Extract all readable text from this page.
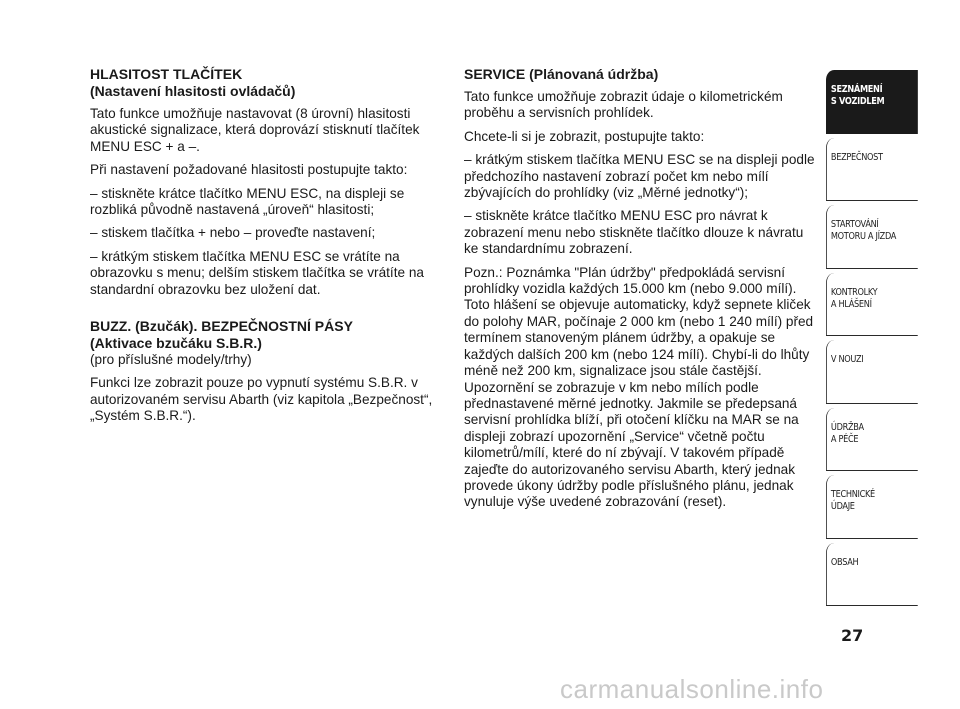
HLASITOST TLAČÍTEK
(Nastavení hlasitosti ovládačů)

Tato funkce umožňuje nastavovat (8 úrovní) hlasitosti akustické signalizace, která doprovází stisknutí tlačítek MENU ESC + a –.

Při nastavení požadované hlasitosti postupujte takto:

– stiskněte krátce tlačítko MENU ESC, na displeji se rozbliká původně nastavená „úroveň“ hlasitosti;

– stiskem tlačítka + nebo – proveďte nastavení;

– krátkým stiskem tlačítka MENU ESC se vrátíte na obrazovku s menu; delším stiskem tlačítka se vrátíte na standardní obrazovku bez uložení dat.

BUZZ. (Bzučák). BEZPEČNOSTNÍ PÁSY
(Aktivace bzučáku S.B.R.)

(pro příslušné modely/trhy)

Funkci lze zobrazit pouze po vypnutí systému S.B.R. v autorizovaném servisu Abarth (viz kapitola „Bezpečnost“, „Systém S.B.R.“).

SERVICE (Plánovaná údržba)

Tato funkce umožňuje zobrazit údaje o kilometrickém proběhu a servisních prohlídek.

Chcete-li si je zobrazit, postupujte takto:

– krátkým stiskem tlačítka MENU ESC se na displeji podle předchozího nastavení zobrazí počet km nebo mílí zbývajících do prohlídky (viz „Měrné jednotky“);

– stiskněte krátce tlačítko MENU ESC pro návrat k zobrazení menu nebo stiskněte tlačítko dlouze k návratu ke standardnímu zobrazení.

Pozn.: Poznámka "Plán údržby" předpokládá servisní prohlídky vozidla každých 15.000 km (nebo 9.000 mílí). Toto hlášení se objevuje automaticky, když sepnete kliček do polohy MAR, počínaje 2 000 km (nebo 1 240 mílí) před termínem stanoveným plánem údržby, a opakuje se každých dalších 200 km (nebo 124 mílí). Chybí-li do lhůty méně než 200 km, signalizace jsou stále častější. Upozornění se zobrazuje v km nebo mílích podle přednastavené měrné jednotky. Jakmile se předepsaná servisní prohlídka blíží, při otočení klíčku na MAR se na displeji zobrazí upozornění „Service“ včetně počtu kilometrů/mílí, které do ní zbývají. V takovém případě zajeďte do autorizovaného servisu Abarth, který jednak provede úkony údržby podle příslušného plánu, jednak vynuluje výše uvedené zobrazování (reset).

SEZNÁMENÍ
S VOZIDLEM
BEZPEČNOST
STARTOVÁNÍ
MOTORU A JÍZDA
KONTROLKY
A HLÁŠENÍ
V NOUZI
ÚDRŽBA
A PÉČE
TECHNICKÉ
ÚDAJE
OBSAH
27
carmanualsonline.info
